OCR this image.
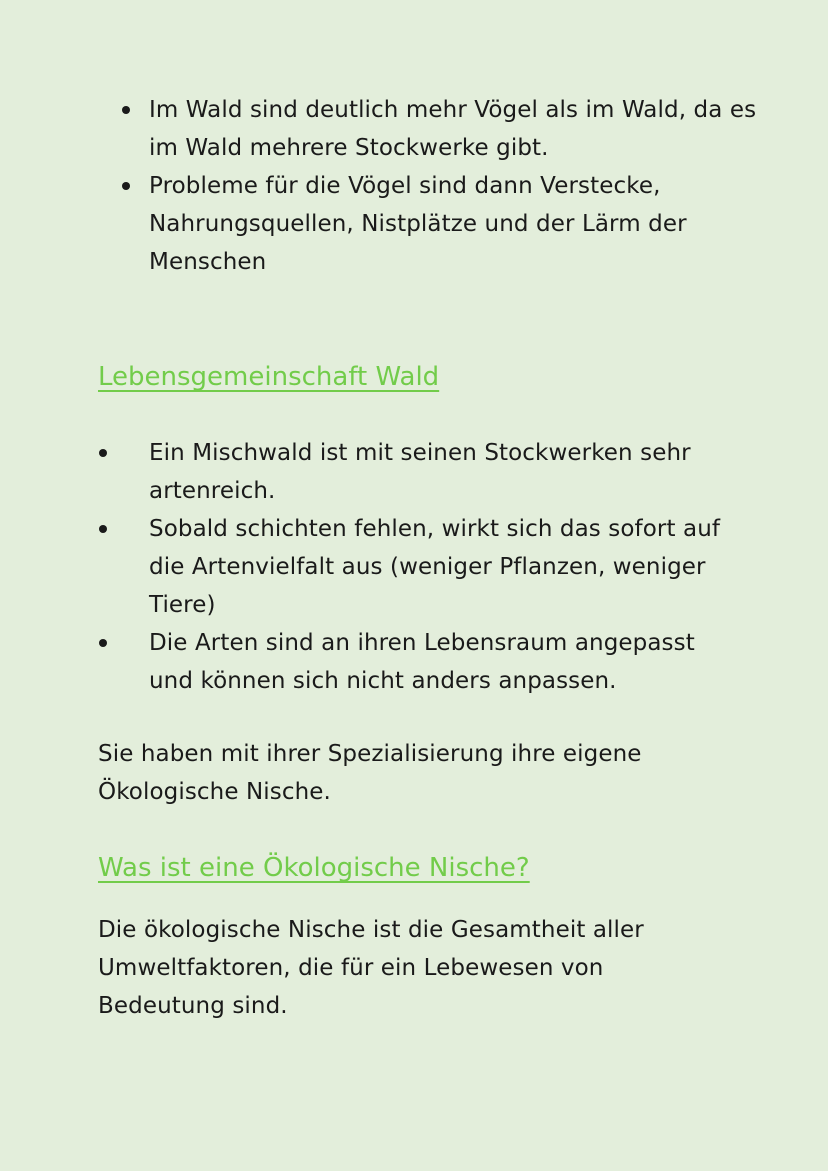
Im Wald sind deutlich mehr Vögel als im Wald, da es im Wald mehrere Stockwerke gibt.
Probleme für die Vögel sind dann Verstecke, Nahrungsquellen, Nistplätze und der Lärm der Menschen
Lebensgemeinschaft Wald
Ein Mischwald ist mit seinen Stockwerken sehr artenreich.
Sobald schichten fehlen, wirkt sich das sofort auf die Artenvielfalt aus (weniger Pflanzen, weniger Tiere)
Die Arten sind an ihren Lebensraum angepasst und können sich nicht anders anpassen.

Sie haben mit ihrer Spezialisierung ihre eigene Ökologische Nische.

Was ist eine Ökologische Nische?

Die ökologische Nische ist die Gesamtheit aller Umweltfaktoren, die für ein Lebewesen von Bedeutung sind.
